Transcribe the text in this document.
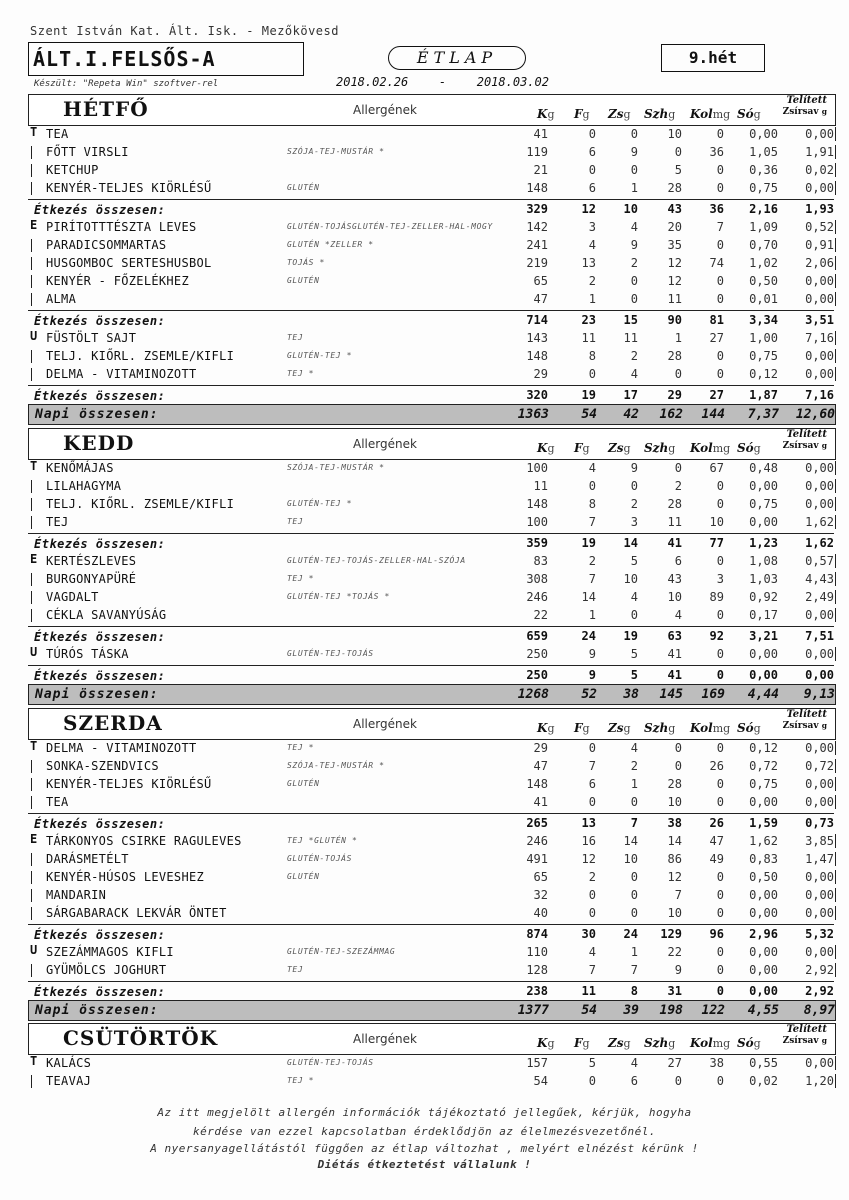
Szent István Kat. Ált. Isk. - Mezőkövesd
ÁLT.I.FELSŐS-A	ÉTLAP	9.hét
Készült: "Repeta Win" szoftver-rel	2018.02.26	-	2018.03.02
HÉTFŐ	Allergének	Kg Fg Zsg Szhg Kolmg Sóg
Telített
Zsírsav g
T TEA	41	0	0	10	0	0,00	0,00
FŐTT VIRSLI	SZÓJA-TEJ-MUSTÁR *	119	6	9	0	36	1,05	1,91
KETCHUP	21	0	0	5	0	0,36	0,02
KENYÉR-TELJES KIÖRLÉSŰ	GLUTÉN	148	6	1	28	0	0,75	0,00
Étkezés összesen:	329	12	10	43	36	2,16	1,93
E PIRÍTOTTTÉSZTA LEVES	GLUTÉN-TOJÁSGLUTÉN-TEJ-ZELLER-HAL-MOGY	142	3	4	20	7	1,09	0,52
PARADICSOMMARTAS	GLUTÉN *ZELLER *	241	4	9	35	0	0,70	0,91
HUSGOMBOC SERTESHUSBOL	TOJÁS *	219	13	2	12	74	1,02	2,06
KENYÉR - FŐZELÉKHEZ	GLUTÉN	65	2	0	12	0	0,50	0,00
ALMA	47	1	0	11	0	0,01	0,00
Étkezés összesen:	714	23	15	90	81	3,34	3,51
U FÜSTÖLT SAJT	TEJ	143	11	11	1	27	1,00	7,16
TELJ. KIŐRL. ZSEMLE/KIFLI	GLUTÉN-TEJ *	148	8	2	28	0	0,75	0,00
DELMA - VITAMINOZOTT	TEJ *	29	0	4	0	0	0,12	0,00
Étkezés összesen:	320	19	17	29	27	1,87	7,16
Napi összesen:	1363	54	42	162	144	7,37	12,60
KEDD	Allergének	Kg Fg Zsg Szhg Kolmg Sóg
Telített
Zsírsav g
T KENŐMÁJAS	SZÓJA-TEJ-MUSTÁR *	100	4	9	0	67	0,48	0,00
LILAHAGYMA	11	0	0	2	0	0,00	0,00
TELJ. KIŐRL. ZSEMLE/KIFLI	GLUTÉN-TEJ *	148	8	2	28	0	0,75	0,00
TEJ	TEJ	100	7	3	11	10	0,00	1,62
Étkezés összesen:	359	19	14	41	77	1,23	1,62
E KERTÉSZLEVES	GLUTÉN-TEJ-TOJÁS-ZELLER-HAL-SZÓJA	83	2	5	6	0	1,08	0,57
BURGONYAPÜRÉ	TEJ *	308	7	10	43	3	1,03	4,43
VAGDALT	GLUTÉN-TEJ *TOJÁS *	246	14	4	10	89	0,92	2,49
CÉKLA SAVANYÚSÁG	22	1	0	4	0	0,17	0,00
Étkezés összesen:	659	24	19	63	92	3,21	7,51
U TÚRÓS TÁSKA	GLUTÉN-TEJ-TOJÁS	250	9	5	41	0	0,00	0,00
Étkezés összesen:	250	9	5	41	0	0,00	0,00
Napi összesen:	1268	52	38	145	169	4,44	9,13
SZERDA	Allergének	Kg Fg Zsg Szhg Kolmg Sóg
Telített
Zsírsav g
T DELMA - VITAMINOZOTT	TEJ *	29	0	4	0	0	0,12	0,00
SONKA-SZENDVICS	SZÓJA-TEJ-MUSTÁR *	47	7	2	0	26	0,72	0,72
KENYÉR-TELJES KIÖRLÉSŰ	GLUTÉN	148	6	1	28	0	0,75	0,00
TEA	41	0	0	10	0	0,00	0,00
Étkezés összesen:	265	13	7	38	26	1,59	0,73
E TÁRKONYOS CSIRKE RAGULEVES	TEJ *GLUTÉN *	246	16	14	14	47	1,62	3,85
DARÁSMETÉLT	GLUTÉN-TOJÁS	491	12	10	86	49	0,83	1,47
KENYÉR-HÚSOS LEVESHEZ	GLUTÉN	65	2	0	12	0	0,50	0,00
MANDARIN	32	0	0	7	0	0,00	0,00
SÁRGABARACK LEKVÁR ÖNTET	40	0	0	10	0	0,00	0,00
Étkezés összesen:	874	30	24	129	96	2,96	5,32
U SZEZÁMMAGOS KIFLI	GLUTÉN-TEJ-SZEZÁMMAG	110	4	1	22	0	0,00	0,00
GYÜMÖLCS JOGHURT	TEJ	128	7	7	9	0	0,00	2,92
Étkezés összesen:	238	11	8	31	0	0,00	2,92
Napi összesen:	1377	54	39	198	122	4,55	8,97
CSÜTÖRTÖK	Allergének	Kg Fg Zsg Szhg Kolmg Sóg
Telített
Zsírsav g
T KALÁCS	GLUTÉN-TEJ-TOJÁS	157	5	4	27	38	0,55	0,00
TEAVAJ	TEJ *	54	0	6	0	0	0,02	1,20
Az itt megjelölt allergén információk tájékoztató jellegűek, kérjük, hogyha
kérdése van ezzel kapcsolatban érdeklődjön az élelmezésvezetőnél.
A nyersanyagellátástól függően az étlap változhat , melyért elnézést kérünk !
Diétás étkeztetést vállalunk !
